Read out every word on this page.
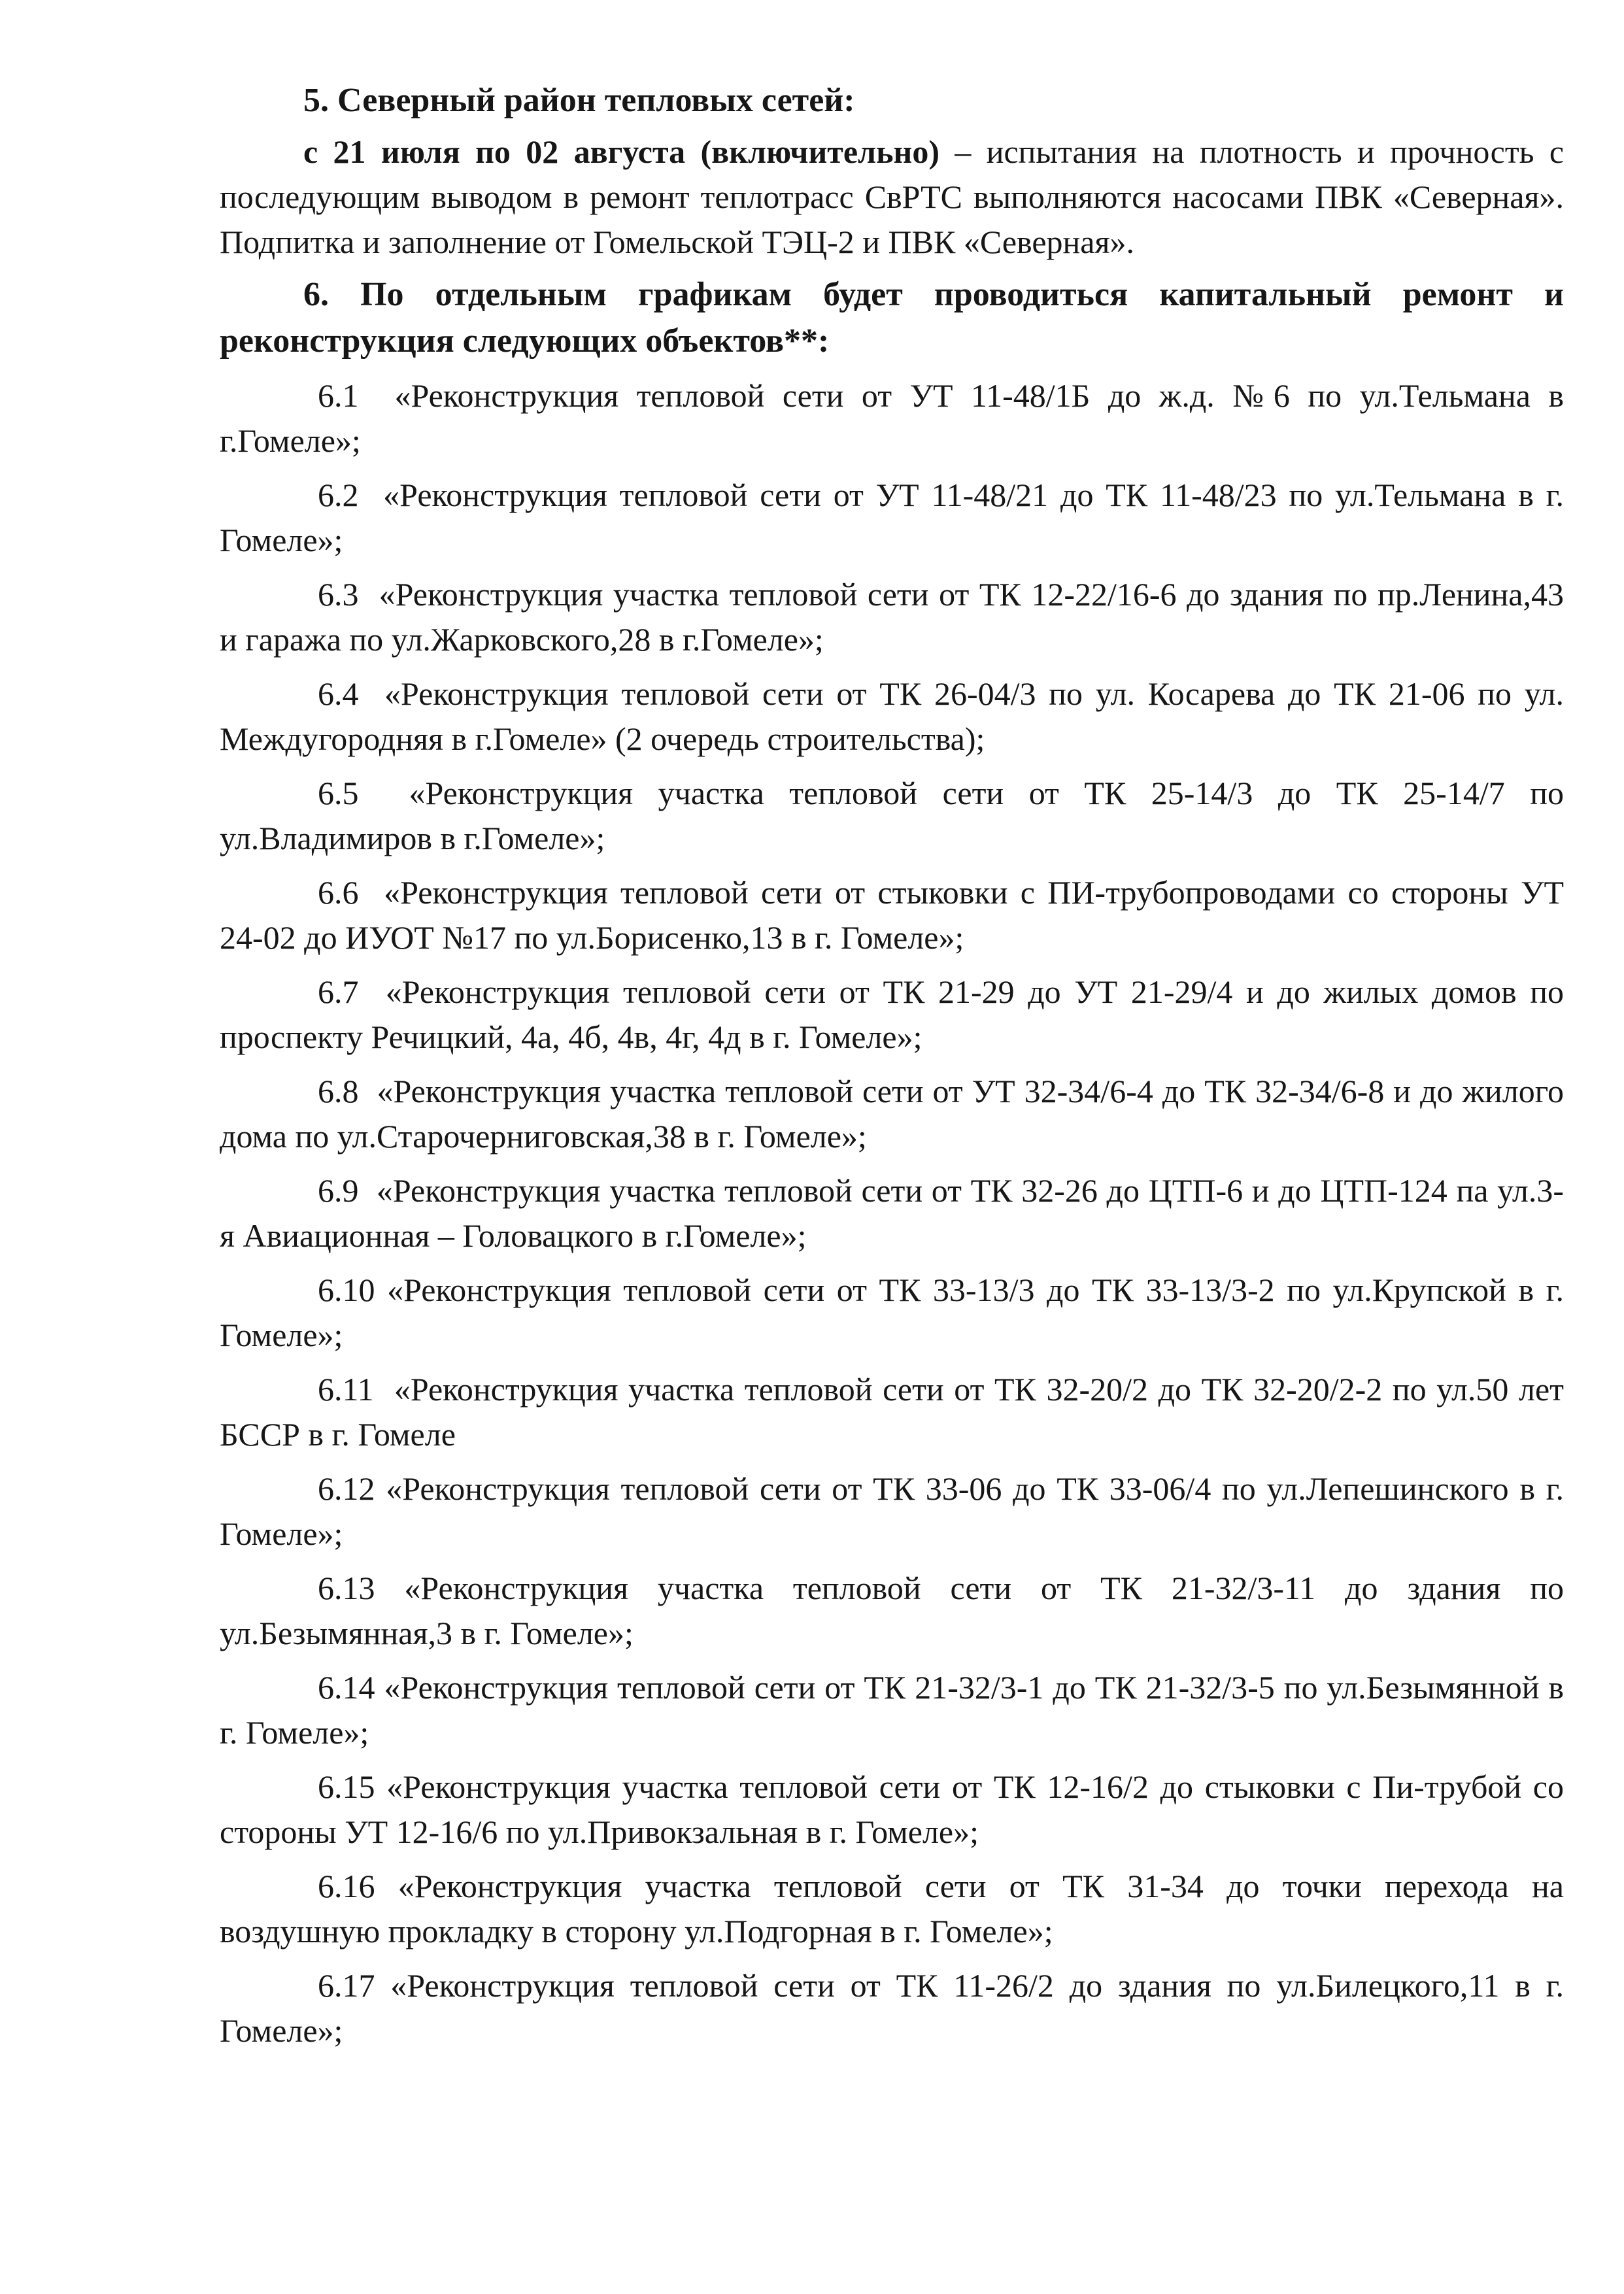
5. Северный район тепловых сетей:

с 21 июля по 02 августа (включительно) – испытания на плотность и прочность с последующим выводом в ремонт теплотрасс СвРТС выполняются насосами ПВК «Северная». Подпитка и заполнение от Гомельской ТЭЦ-2 и ПВК «Северная».

6. По отдельным графикам будет проводиться капитальный ремонт и реконструкция следующих объектов**:

6.1 «Реконструкция тепловой сети от УТ 11-48/1Б до ж.д. №6 по ул.Тельмана в г.Гомеле»;

6.2 «Реконструкция тепловой сети от УТ 11-48/21 до ТК 11-48/23 по ул.Тельмана в г. Гомеле»;

6.3 «Реконструкция участка тепловой сети от ТК 12-22/16-6 до здания по пр.Ленина,43 и гаража по ул.Жарковского,28 в г.Гомеле»;

6.4 «Реконструкция тепловой сети от ТК 26-04/3 по ул. Косарева до ТК 21-06 по ул. Междугородняя в г.Гомеле» (2 очередь строительства);

6.5 «Реконструкция участка тепловой сети от ТК 25-14/3 до ТК 25-14/7 по ул.Владимиров в г.Гомеле»;

6.6 «Реконструкция тепловой сети от стыковки с ПИ-трубопроводами со стороны УТ 24-02 до ИУОТ №17 по ул.Борисенко,13 в г. Гомеле»;

6.7 «Реконструкция тепловой сети от ТК 21-29 до УТ 21-29/4 и до жилых домов по проспекту Речицкий, 4а, 4б, 4в, 4г, 4д в г. Гомеле»;

6.8 «Реконструкция участка тепловой сети от УТ 32-34/6-4 до ТК 32-34/6-8 и до жилого дома по ул.Старочерниговская,38 в г. Гомеле»;

6.9 «Реконструкция участка тепловой сети от ТК 32-26 до ЦТП-6 и до ЦТП-124 па ул.3-я Авиационная – Головацкого в г.Гомеле»;

6.10 «Реконструкция тепловой сети от ТК 33-13/3 до ТК 33-13/3-2 по ул.Крупской в г. Гомеле»;

6.11 «Реконструкция участка тепловой сети от ТК 32-20/2 до ТК 32-20/2-2 по ул.50 лет БССР в г. Гомеле

6.12 «Реконструкция тепловой сети от ТК 33-06 до ТК 33-06/4 по ул.Лепешинского в г. Гомеле»;

6.13 «Реконструкция участка тепловой сети от ТК 21-32/3-11 до здания по ул.Безымянная,3 в г. Гомеле»;

6.14 «Реконструкция тепловой сети от ТК 21-32/3-1 до ТК 21-32/3-5 по ул.Безымянной в г. Гомеле»;

6.15 «Реконструкция участка тепловой сети от ТК 12-16/2 до стыковки с Пи-трубой со стороны УТ 12-16/6 по ул.Привокзальная в г. Гомеле»;

6.16 «Реконструкция участка тепловой сети от ТК 31-34 до точки перехода на воздушную прокладку в сторону ул.Подгорная в г. Гомеле»;

6.17 «Реконструкция тепловой сети от ТК 11-26/2 до здания по ул.Билецкого,11 в г. Гомеле»;
